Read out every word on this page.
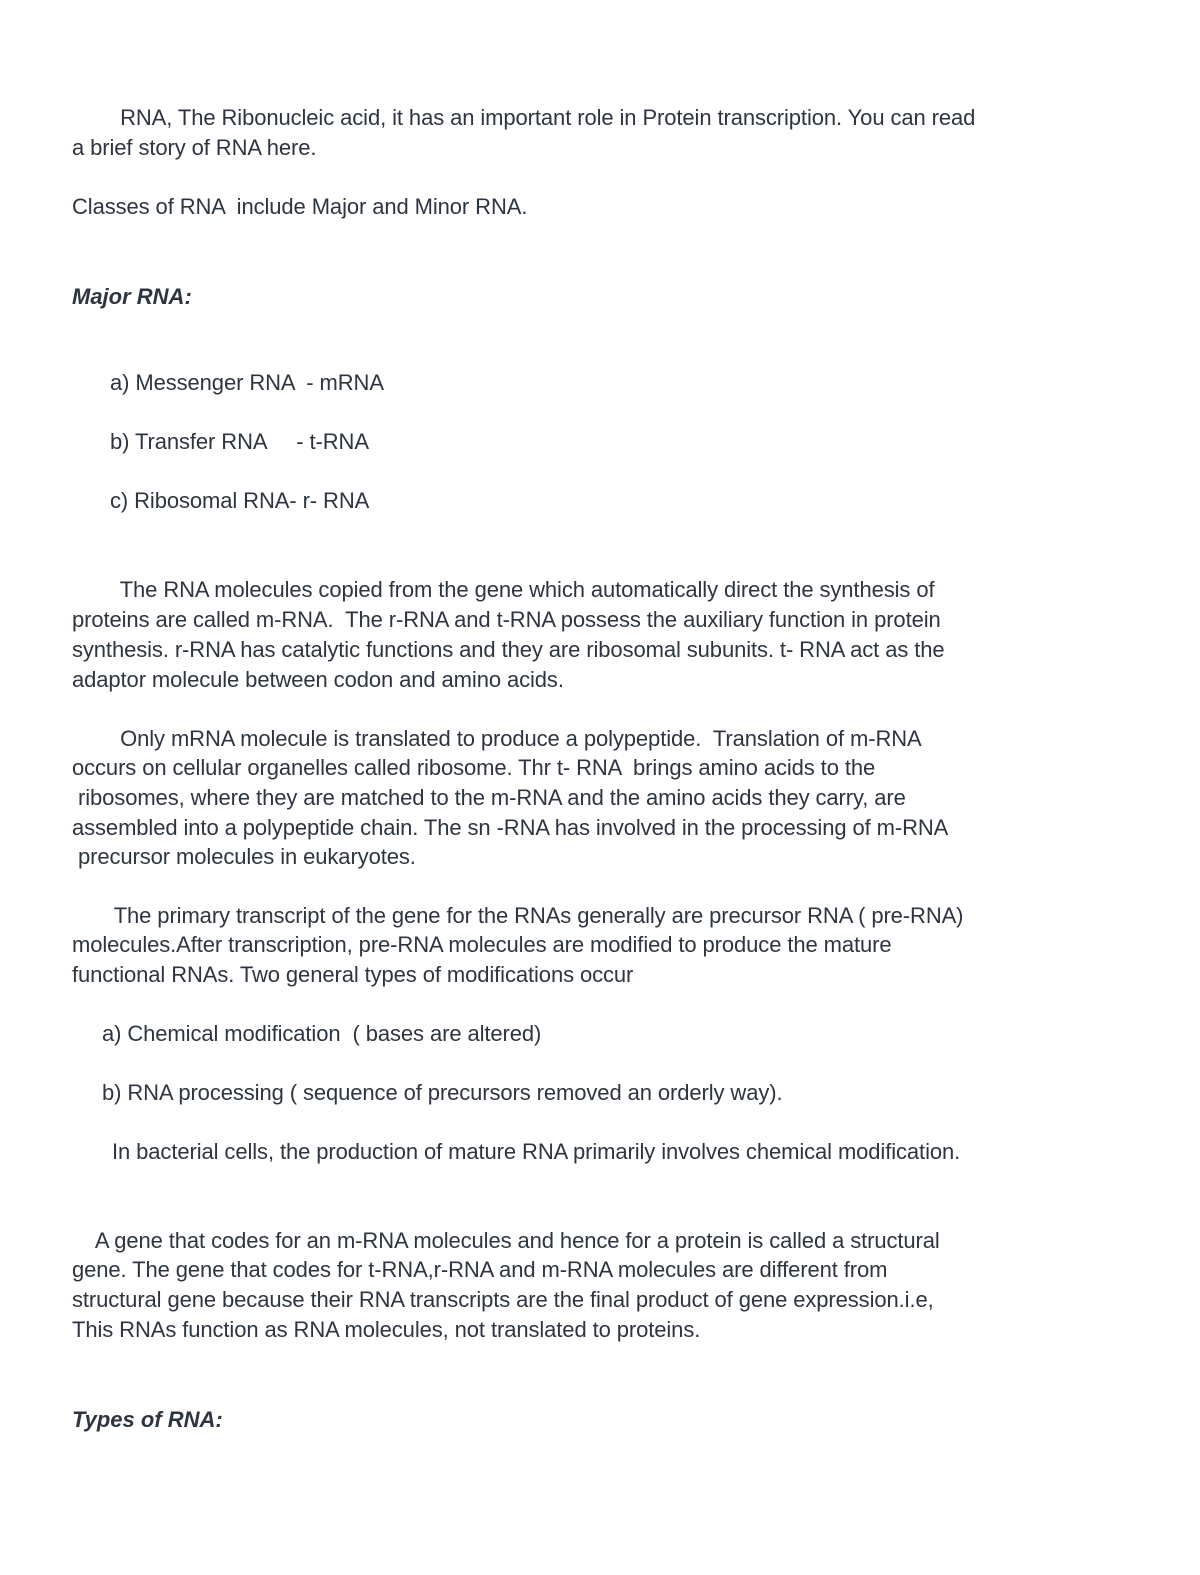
RNA, The Ribonucleic acid, it has an important role in Protein transcription. You can read
a brief story of RNA here.
Classes of RNA  include Major and Minor RNA.
Major RNA:
a) Messenger RNA  - mRNA
b) Transfer RNA     - t-RNA
c) Ribosomal RNA- r- RNA
The RNA molecules copied from the gene which automatically direct the synthesis of
proteins are called m-RNA.  The r-RNA and t-RNA possess the auxiliary function in protein
synthesis. r-RNA has catalytic functions and they are ribosomal subunits. t- RNA act as the
adaptor molecule between codon and amino acids.
Only mRNA molecule is translated to produce a polypeptide.  Translation of m-RNA
occurs on cellular organelles called ribosome. Thr t- RNA  brings amino acids to the
ribosomes, where they are matched to the m-RNA and the amino acids they carry, are
assembled into a polypeptide chain. The sn -RNA has involved in the processing of m-RNA
precursor molecules in eukaryotes.
The primary transcript of the gene for the RNAs generally are precursor RNA ( pre-RNA)
molecules.After transcription, pre-RNA molecules are modified to produce the mature
functional RNAs. Two general types of modifications occur
a) Chemical modification  ( bases are altered)
b) RNA processing ( sequence of precursors removed an orderly way).
In bacterial cells, the production of mature RNA primarily involves chemical modification.
A gene that codes for an m-RNA molecules and hence for a protein is called a structural
gene. The gene that codes for t-RNA,r-RNA and m-RNA molecules are different from
structural gene because their RNA transcripts are the final product of gene expression.i.e,
This RNAs function as RNA molecules, not translated to proteins.
Types of RNA:
